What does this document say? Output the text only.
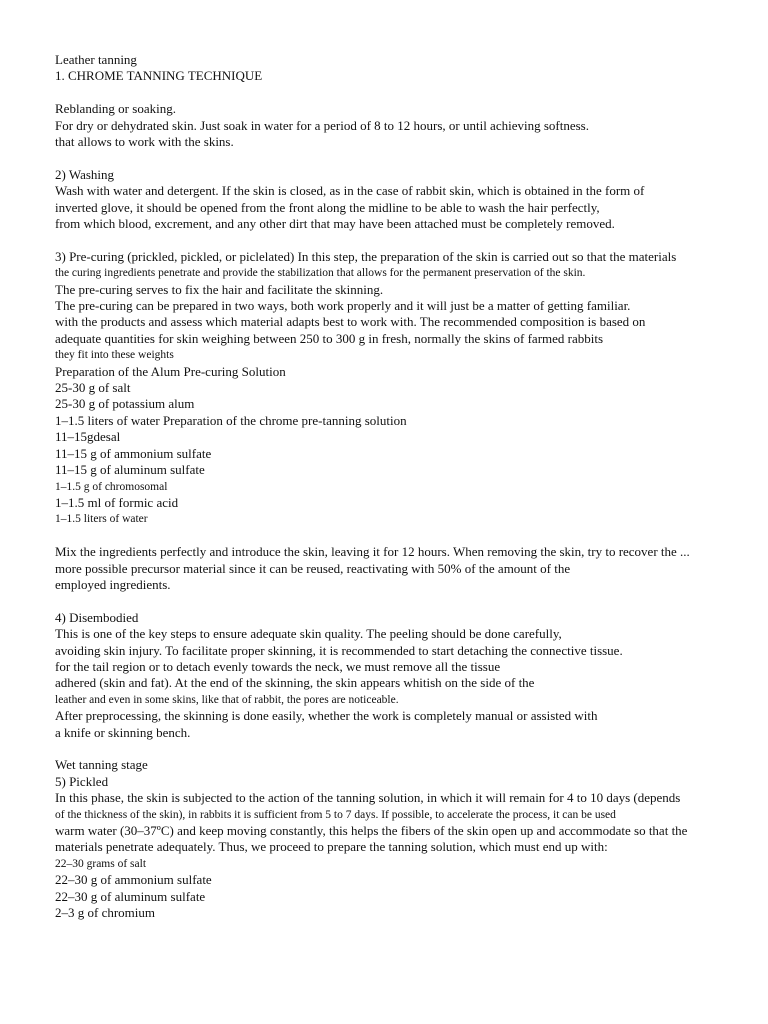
Leather tanning
1. CHROME TANNING TECHNIQUE
Reblanding or soaking.
For dry or dehydrated skin. Just soak in water for a period of 8 to 12 hours, or until achieving softness.
that allows to work with the skins.
2) Washing
Wash with water and detergent. If the skin is closed, as in the case of rabbit skin, which is obtained in the form of
inverted glove, it should be opened from the front along the midline to be able to wash the hair perfectly,
from which blood, excrement, and any other dirt that may have been attached must be completely removed.
3) Pre-curing (prickled, pickled, or piclelated) In this step, the preparation of the skin is carried out so that the materials
the curing ingredients penetrate and provide the stabilization that allows for the permanent preservation of the skin.
The pre-curing serves to fix the hair and facilitate the skinning.
The pre-curing can be prepared in two ways, both work properly and it will just be a matter of getting familiar.
with the products and assess which material adapts best to work with. The recommended composition is based on
adequate quantities for skin weighing between 250 to 300 g in fresh, normally the skins of farmed rabbits
they fit into these weights
Preparation of the Alum Pre-curing Solution
25-30 g of salt
25-30 g of potassium alum
1–1.5 liters of water Preparation of the chrome pre-tanning solution
11–15gdesal
11–15 g of ammonium sulfate
11–15 g of aluminum sulfate
1–1.5 g of chromosomal
1–1.5 ml of formic acid
1–1.5 liters of water
Mix the ingredients perfectly and introduce the skin, leaving it for 12 hours. When removing the skin, try to recover the ...
more possible precursor material since it can be reused, reactivating with 50% of the amount of the
employed ingredients.
4) Disembodied
This is one of the key steps to ensure adequate skin quality. The peeling should be done carefully,
avoiding skin injury. To facilitate proper skinning, it is recommended to start detaching the connective tissue.
for the tail region or to detach evenly towards the neck, we must remove all the tissue
adhered (skin and fat). At the end of the skinning, the skin appears whitish on the side of the
leather and even in some skins, like that of rabbit, the pores are noticeable.
After preprocessing, the skinning is done easily, whether the work is completely manual or assisted with
a knife or skinning bench.
Wet tanning stage
5) Pickled
In this phase, the skin is subjected to the action of the tanning solution, in which it will remain for 4 to 10 days (depends
of the thickness of the skin), in rabbits it is sufficient from 5 to 7 days. If possible, to accelerate the process, it can be used
warm water (30–37ºC) and keep moving constantly, this helps the fibers of the skin open up and accommodate so that the
materials penetrate adequately. Thus, we proceed to prepare the tanning solution, which must end up with:
22–30 grams of salt
22–30 g of ammonium sulfate
22–30 g of aluminum sulfate
2–3 g of chromium
